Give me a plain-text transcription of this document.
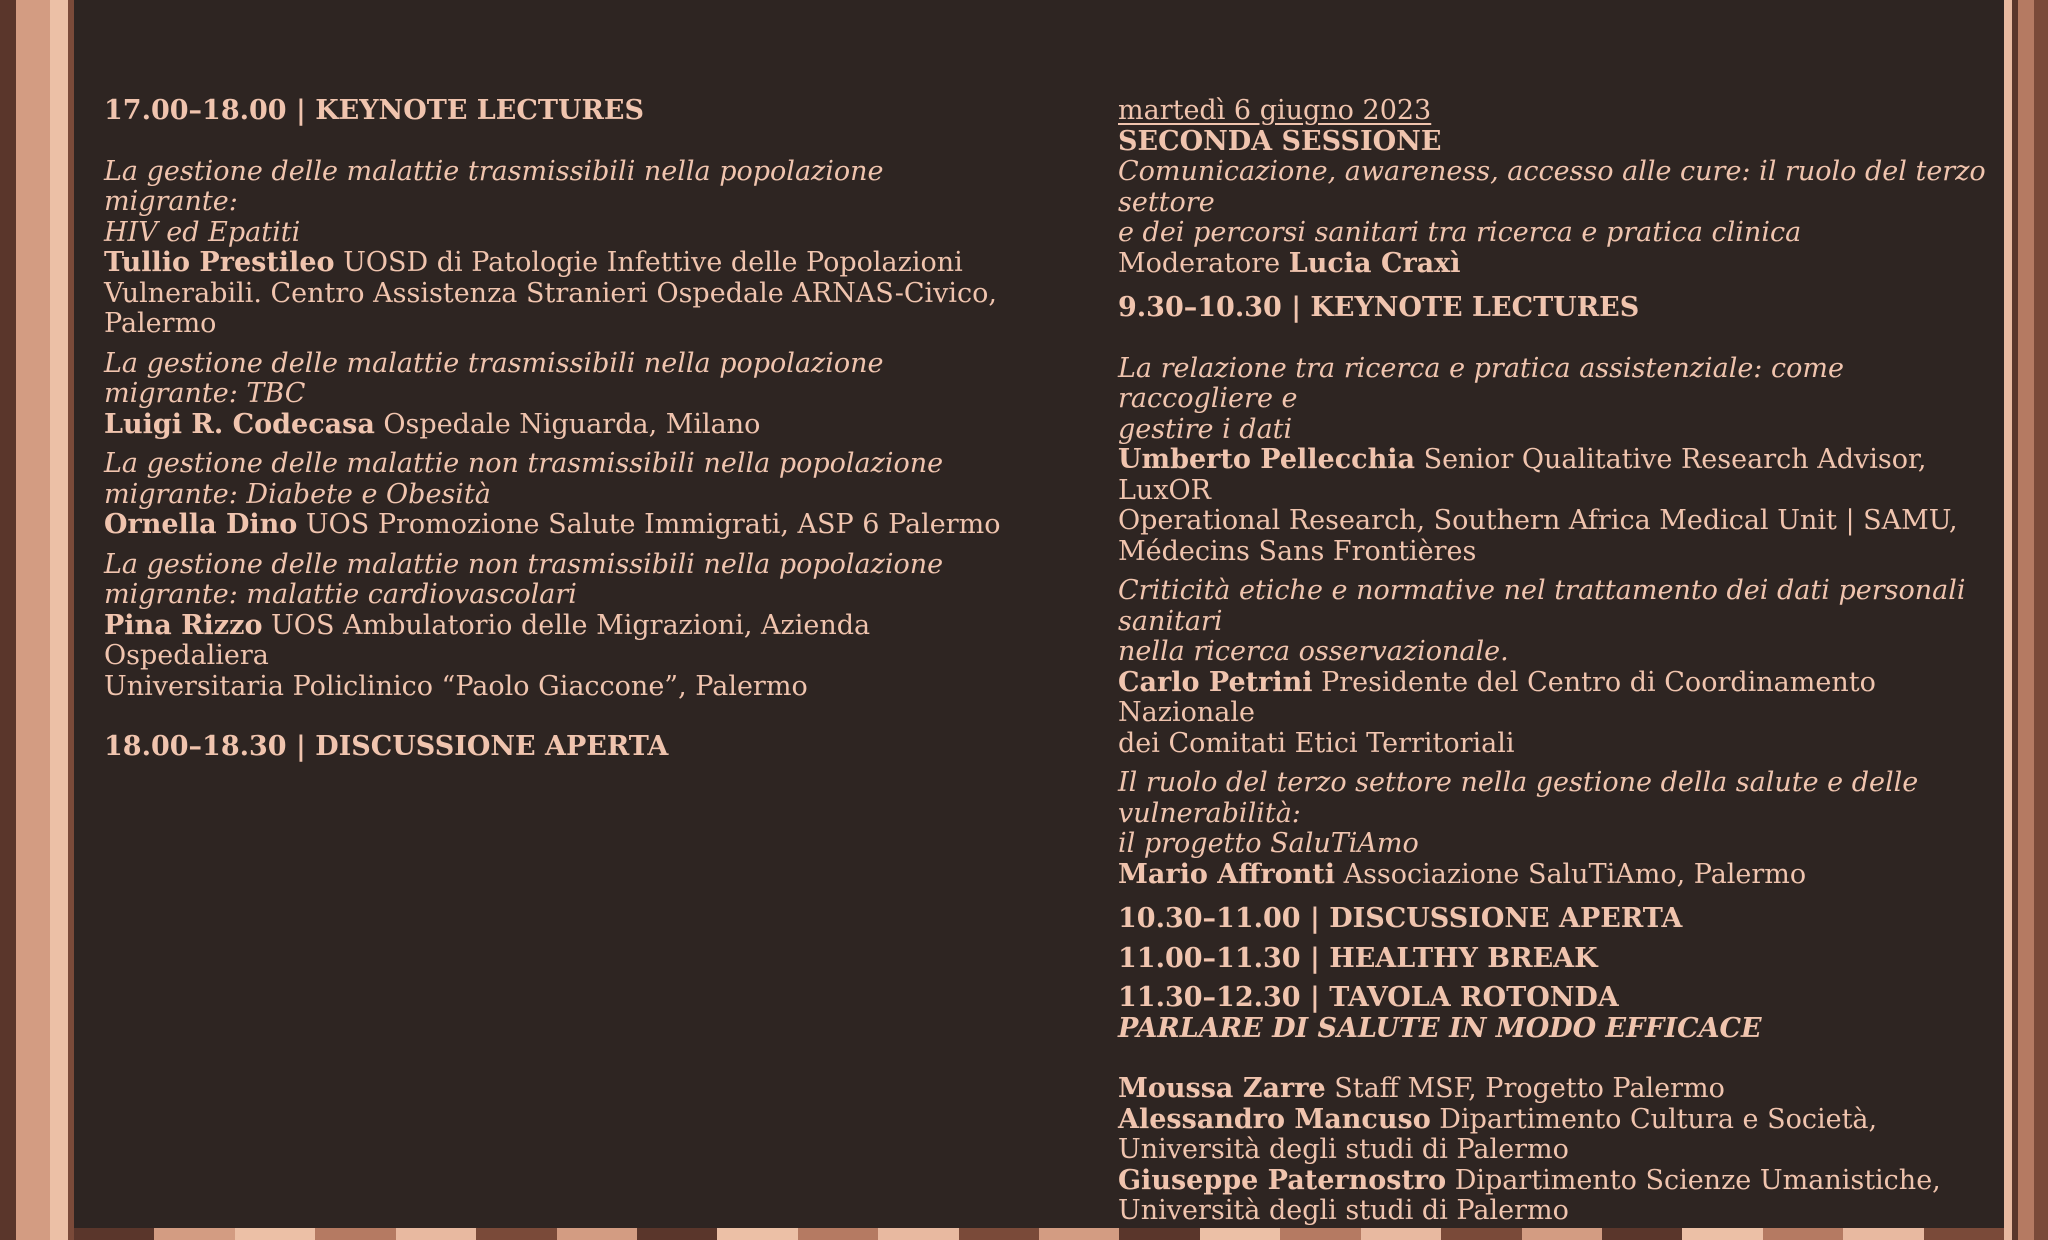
17.00–18.00 | KEYNOTE LECTURES

La gestione delle malattie trasmissibili nella popolazione migrante:

HIV ed Epatiti

Tullio Prestileo UOSD di Patologie Infettive delle Popolazioni

Vulnerabili. Centro Assistenza Stranieri Ospedale ARNAS-Civico,

Palermo

La gestione delle malattie trasmissibili nella popolazione migrante: TBC

Luigi R. Codecasa Ospedale Niguarda, Milano

La gestione delle malattie non trasmissibili nella popolazione

migrante: Diabete e Obesità

Ornella Dino UOS Promozione Salute Immigrati, ASP 6 Palermo

La gestione delle malattie non trasmissibili nella popolazione

migrante: malattie cardiovascolari

Pina Rizzo UOS Ambulatorio delle Migrazioni, Azienda Ospedaliera

Universitaria Policlinico “Paolo Giaccone”, Palermo

18.00–18.30 | DISCUSSIONE APERTA

martedì 6 giugno 2023

SECONDA SESSIONE

Comunicazione, awareness, accesso alle cure: il ruolo del terzo settore

e dei percorsi sanitari tra ricerca e pratica clinica

Moderatore Lucia Craxì

9.30–10.30 | KEYNOTE LECTURES

La relazione tra ricerca e pratica assistenziale: come raccogliere e

gestire i dati

Umberto Pellecchia Senior Qualitative Research Advisor, LuxOR

Operational Research, Southern Africa Medical Unit | SAMU,

Médecins Sans Frontières

Criticità etiche e normative nel trattamento dei dati personali sanitari

nella ricerca osservazionale.

Carlo Petrini Presidente del Centro di Coordinamento Nazionale

dei Comitati Etici Territoriali

Il ruolo del terzo settore nella gestione della salute e delle vulnerabilità:

il progetto SaluTiAmo

Mario Affronti Associazione SaluTiAmo, Palermo

10.30–11.00 | DISCUSSIONE APERTA

11.00–11.30 | HEALTHY BREAK

11.30–12.30 | TAVOLA ROTONDA

PARLARE DI SALUTE IN MODO EFFICACE

Moussa Zarre Staff MSF, Progetto Palermo

Alessandro Mancuso Dipartimento Cultura e Società,

Università degli studi di Palermo

Giuseppe Paternostro Dipartimento Scienze Umanistiche,

Università degli studi di Palermo
